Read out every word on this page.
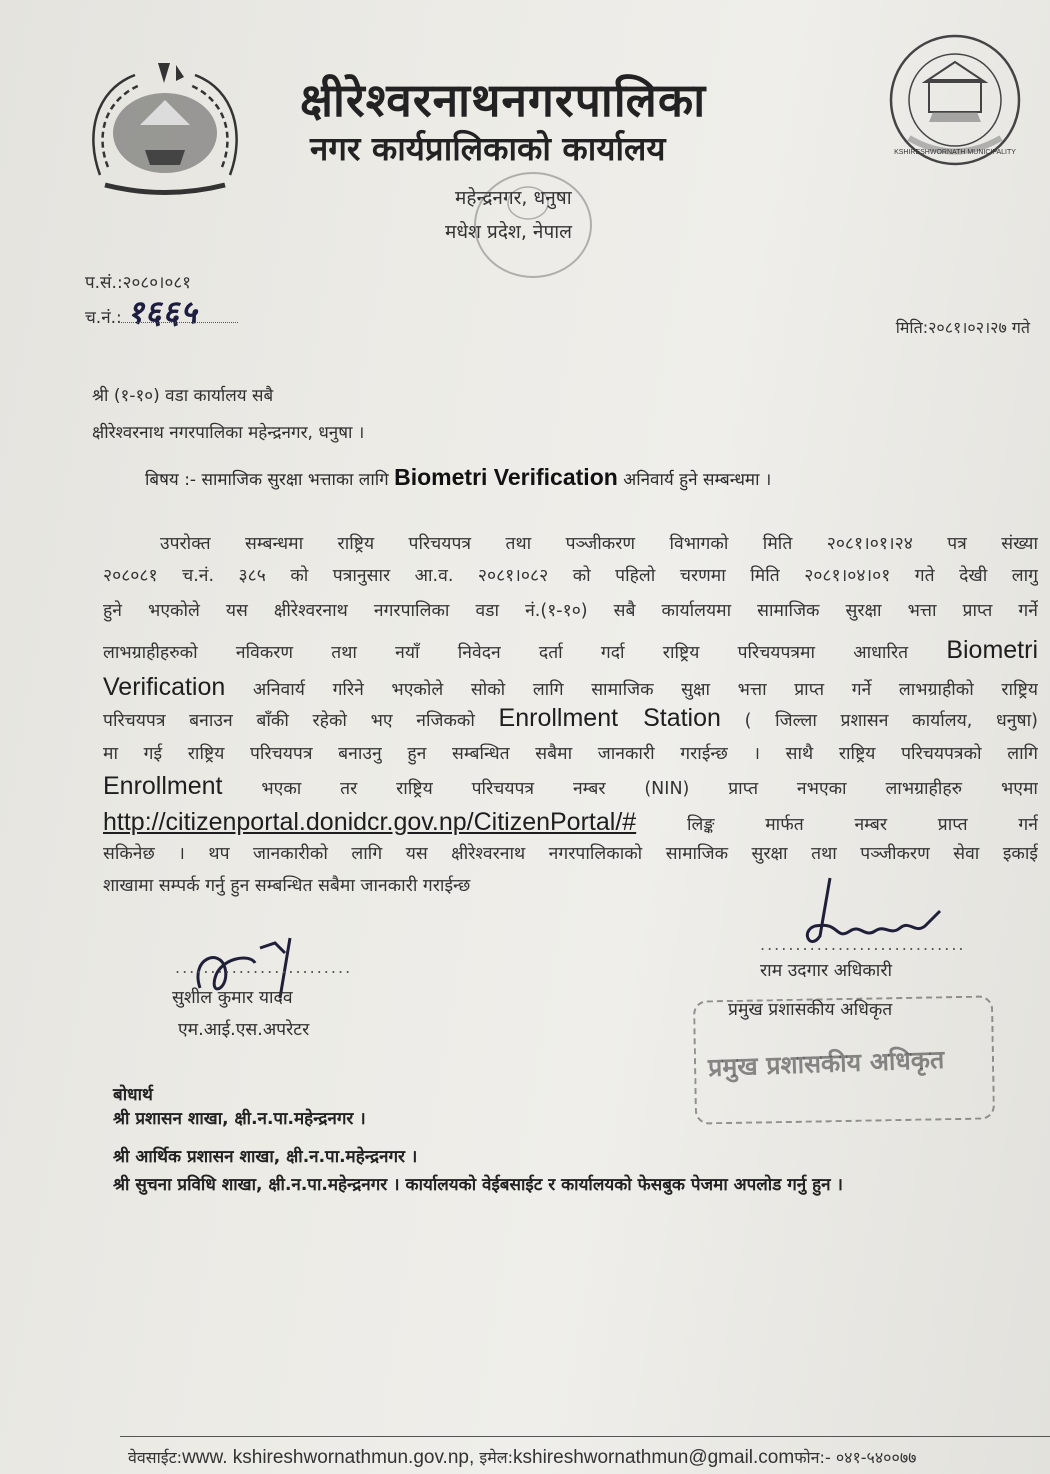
KSHIRESHWORNATH MUNICIPALITY
क्षीरेश्वरनाथनगरपालिका
नगर कार्यप्रालिकाको कार्यालय
महेन्द्रनगर, धनुषा
मधेश प्रदेश, नेपाल
प.सं.:२०८०।०८१
च.नं.: १६६५	मिति:२०८१।०२।२७ गते
श्री (१-१०) वडा कार्यालय सबै
क्षीरेश्वरनाथ नगरपालिका महेन्द्रनगर, धनुषा ।
बिषय :- सामाजिक सुरक्षा भत्ताका लागि Biometri Verification अनिवार्य हुने सम्बन्धमा ।
उपरोक्त सम्बन्धमा राष्ट्रिय परिचयपत्र तथा पञ्जीकरण विभागको मिति २०८१।०१।२४ पत्र संख्या
२०८०८१ च.नं. ३८५ को पत्रानुसार आ.व. २०८१।०८२ को पहिलो चरणमा मिति २०८१।०४।०१ गते देखी लागु
हुने भएकोले यस क्षीरेश्वरनाथ नगरपालिका वडा नं.(१-१०) सबै कार्यालयमा सामाजिक सुरक्षा भत्ता प्राप्त गर्ने
लाभग्राहीहरुको नविकरण तथा नयाँ निवेदन दर्ता गर्दा राष्ट्रिय परिचयपत्रमा आधारित Biometri
Verification अनिवार्य गरिने भएकोले सोको लागि सामाजिक सुक्षा भत्ता प्राप्त गर्ने लाभग्राहीको राष्ट्रिय
परिचयपत्र बनाउन बाँकी रहेको भए नजिकको Enrollment Station ( जिल्ला प्रशासन कार्यालय, धनुषा)
मा गई राष्ट्रिय परिचयपत्र बनाउनु हुन सम्बन्धित सबैमा जानकारी गराईन्छ । साथै राष्ट्रिय परिचयपत्रको लागि
Enrollment भएका तर राष्ट्रिय परिचयपत्र नम्बर (NIN) प्राप्त नभएका लाभग्राहीहरु भएमा
http://citizenportal.donidcr.gov.np/CitizenPortal/#	लिङ्क मार्फत नम्बर प्राप्त गर्न
सकिनेछ । थप जानकारीको लागि यस क्षीरेश्वरनाथ नगरपालिकाको सामाजिक सुरक्षा तथा पञ्जीकरण सेवा इकाई
शाखामा सम्पर्क गर्नु हुन सम्बन्धित सबैमा जानकारी गराईन्छ
.........................
सुशील कुमार यादव
एम.आई.एस.अपरेटर
.............................
राम उदगार अधिकारी
प्रमुख प्रशासकीय अधिकृत
प्रमुख प्रशासकीय अधिकृत
बोधार्थ
श्री प्रशासन शाखा, क्षी.न.पा.महेन्द्रनगर ।
श्री आर्थिक प्रशासन शाखा, क्षी.न.पा.महेन्द्रनगर ।
श्री सुचना प्रविधि शाखा, क्षी.न.पा.महेन्द्रनगर । कार्यालयको वेईबसाईट र कार्यालयको फेसबुक पेजमा अपलोड गर्नु हुन ।
वेवसाईट:www. kshireshwornathmun.gov.np, इमेल:kshireshwornathmun@gmail.comफोन:- ०४१-५४००७७
